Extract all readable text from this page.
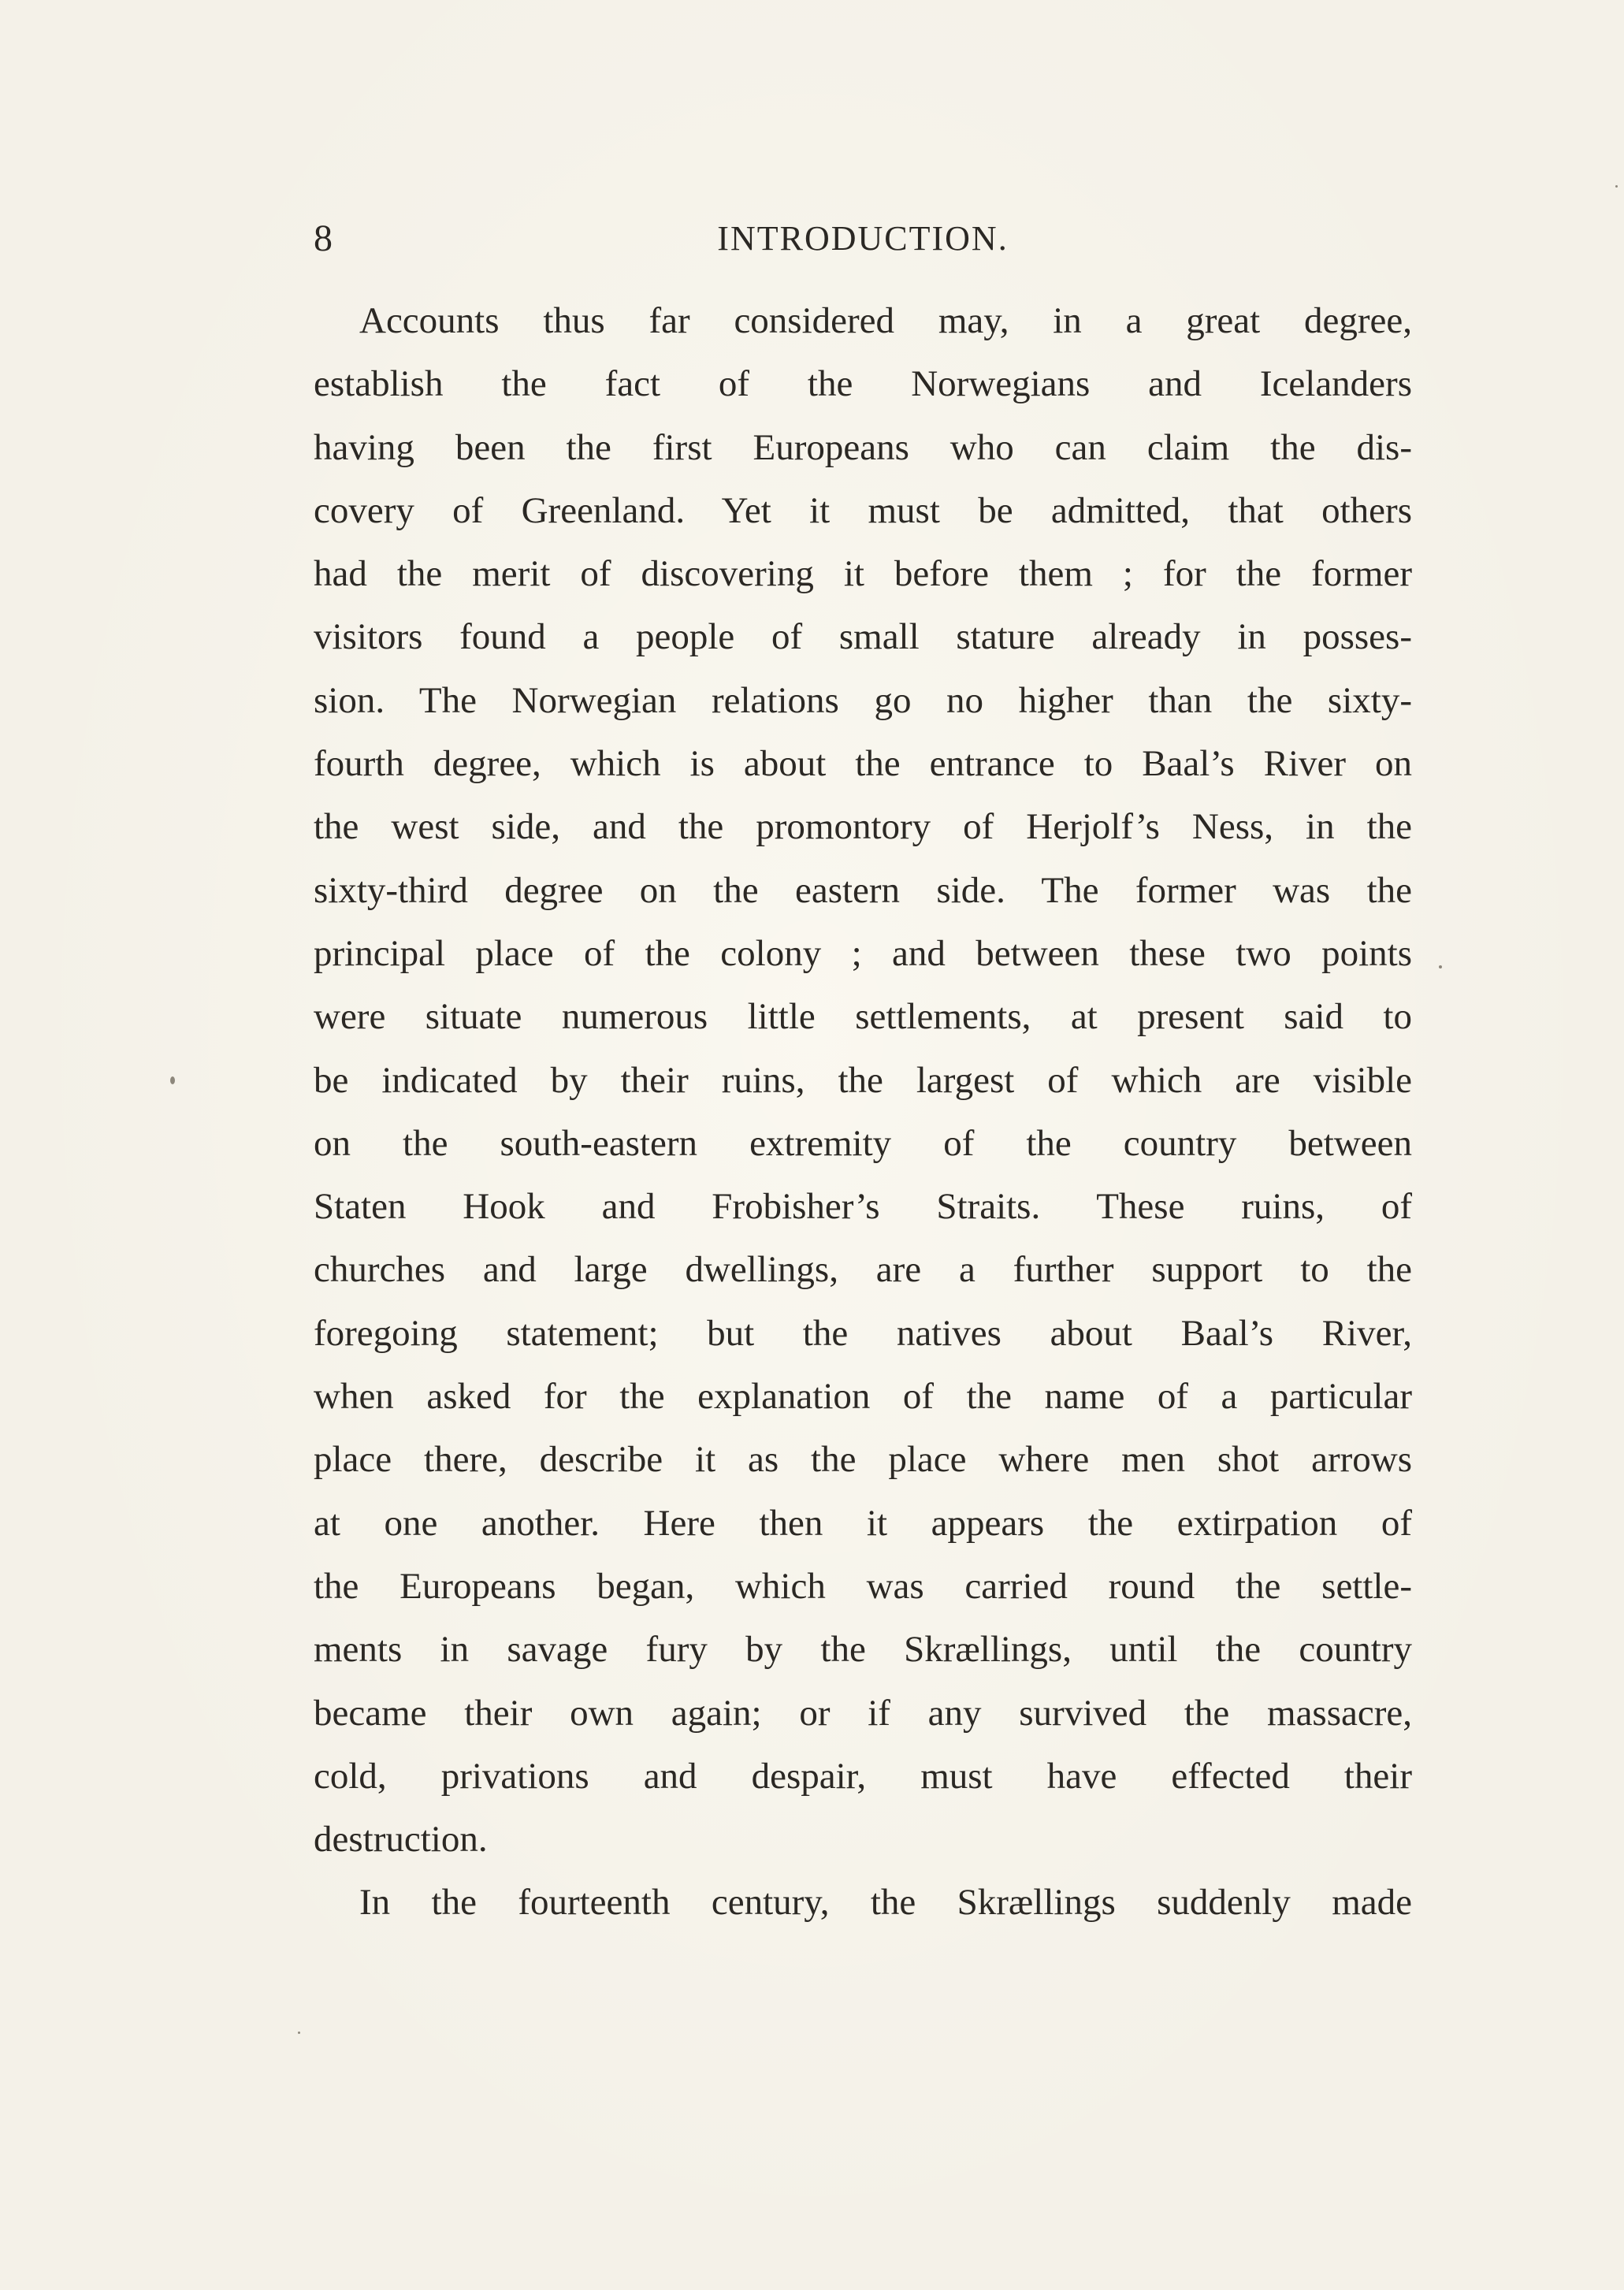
8	INTRODUCTION.
Accounts thus far considered may, in a great degree,
establish the fact of the Norwegians and Icelanders
having been the first Europeans who can claim the dis-
covery of Greenland. Yet it must be admitted, that others
had the merit of discovering it before them ; for the former
visitors found a people of small stature already in posses-
sion. The Norwegian relations go no higher than the sixty-
fourth degree, which is about the entrance to Baal’s River on
the west side, and the promontory of Herjolf’s Ness, in the
sixty-third degree on the eastern side. The former was the
principal place of the colony ; and between these two points
were situate numerous little settlements, at present said to
be indicated by their ruins, the largest of which are visible
on the south-eastern extremity of the country between
Staten Hook and Frobisher’s Straits. These ruins, of
churches and large dwellings, are a further support to the
foregoing statement; but the natives about Baal’s River,
when asked for the explanation of the name of a particular
place there, describe it as the place where men shot arrows
at one another. Here then it appears the extirpation of
the Europeans began, which was carried round the settle-
ments in savage fury by the Skrællings, until the country
became their own again; or if any survived the massacre,
cold, privations and despair, must have effected their
destruction.
In the fourteenth century, the Skrællings suddenly made
